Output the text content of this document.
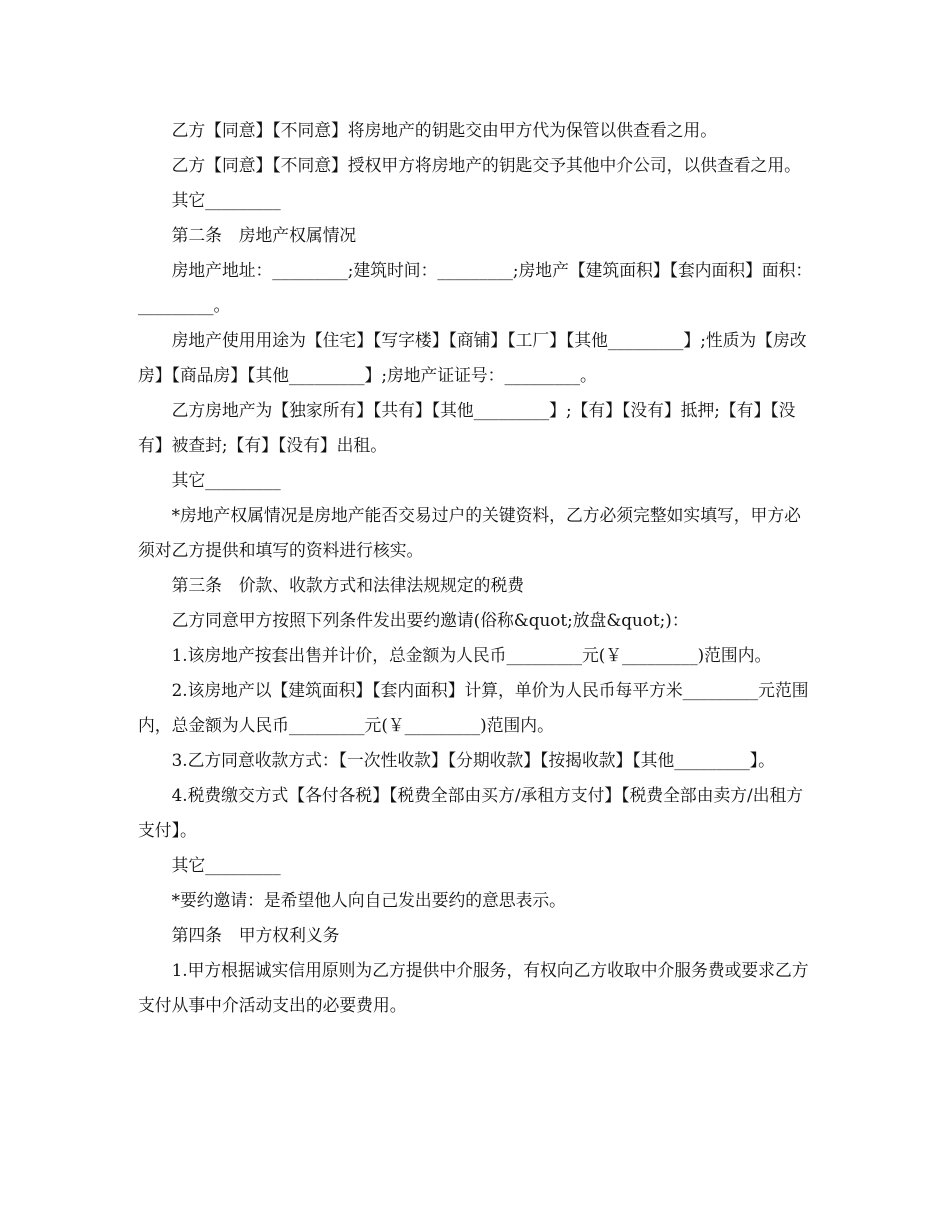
乙方【同意】【不同意】将房地产的钥匙交由甲方代为保管以供查看之用。

乙方【同意】【不同意】授权甲方将房地产的钥匙交予其他中介公司，以供查看之用。

其它_________

第二条　房地产权属情况

房地产地址：_________;建筑时间：_________;房地产【建筑面积】【套内面积】面积：_________。

房地产使用用途为【住宅】【写字楼】【商铺】【工厂】【其他_________】;性质为【房改房】【商品房】【其他_________】;房地产证证号：_________。

乙方房地产为【独家所有】【共有】【其他_________】;【有】【没有】抵押;【有】【没有】被查封;【有】【没有】出租。

其它_________

*房地产权属情况是房地产能否交易过户的关键资料，乙方必须完整如实填写，甲方必须对乙方提供和填写的资料进行核实。

第三条　价款、收款方式和法律法规规定的税费

乙方同意甲方按照下列条件发出要约邀请(俗称&quot;放盘&quot;)：

1.该房地产按套出售并计价，总金额为人民币_________元(￥_________)范围内。

2.该房地产以【建筑面积】【套内面积】计算，单价为人民币每平方米_________元范围内，总金额为人民币_________元(￥_________)范围内。

3.乙方同意收款方式：【一次性收款】【分期收款】【按揭收款】【其他_________】。

4.税费缴交方式【各付各税】【税费全部由买方/承租方支付】【税费全部由卖方/出租方支付】。

其它_________

*要约邀请：是希望他人向自己发出要约的意思表示。

第四条　甲方权利义务

1.甲方根据诚实信用原则为乙方提供中介服务，有权向乙方收取中介服务费或要求乙方支付从事中介活动支出的必要费用。
